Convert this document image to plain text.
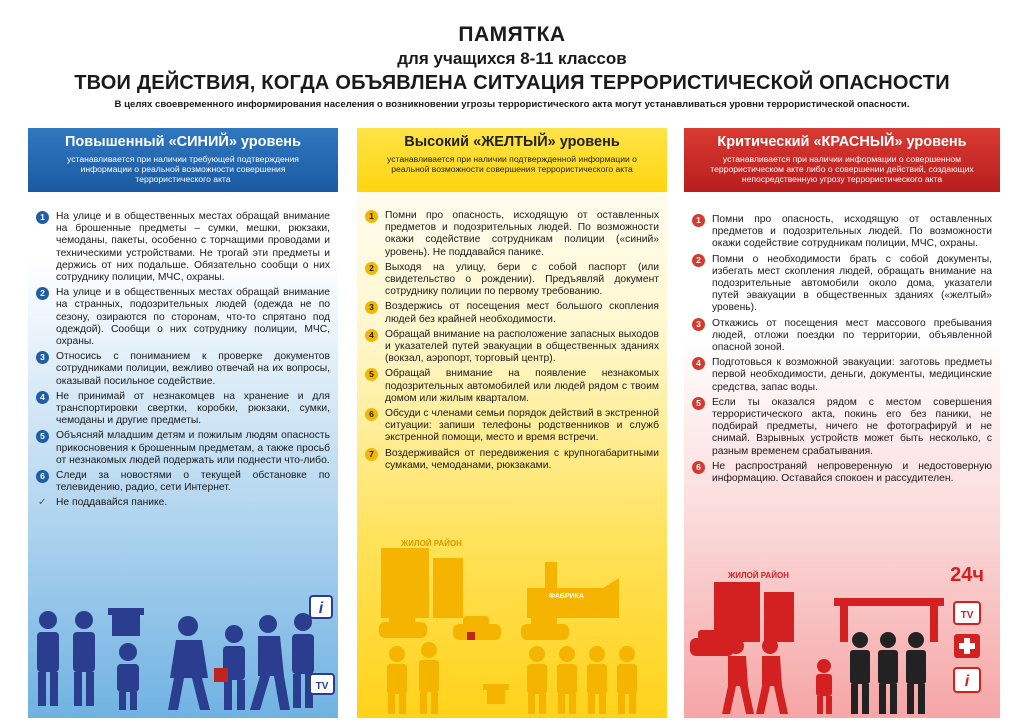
ПАМЯТКА
для учащихся 8-11 классов
ТВОИ ДЕЙСТВИЯ, КОГДА ОБЪЯВЛЕНА СИТУАЦИЯ ТЕРРОРИСТИЧЕСКОЙ ОПАСНОСТИ
В целях своевременного информирования населения о возникновении угрозы террористического акта могут устанавливаться уровни террористической опасности.
Повышенный «СИНИЙ» уровень
устанавливается при наличии требующей подтверждения информации о реальной возможности совершения террористического акта
1	На улице и в общественных местах обращай внимание на брошенные предметы – сумки, мешки, рюкзаки, чемоданы, пакеты, особенно с торчащими проводами и техническими устройствами. Не трогай эти предметы и держись от них подальше. Обязательно сообщи о них сотруднику полиции, МЧС, охраны.
2	На улице и в общественных местах обращай внимание на странных, подозрительных людей (одежда не по сезону, озираются по сторонам, что-то спрятано под одеждой). Сообщи о них сотруднику полиции, МЧС, охраны.
3	Относись с пониманием к проверке документов сотрудниками полиции, вежливо отвечай на их вопросы, оказывай посильное содействие.
4	Не принимай от незнакомцев на хранение и для транспортировки свертки, коробки, рюкзаки, сумки, чемоданы и другие предметы.
5	Объясняй младшим детям и пожилым людям опасность прикосновения к брошенным предметам, а также просьб от незнакомых людей подержать или поднести что-либо.
6	Следи за новостями о текущей обстановке по телевидению, радио, сети Интернет.
✓ Не поддавайся панике.
i
TV
Высокий «ЖЕЛТЫЙ» уровень
устанавливается при наличии подтвержденной информации о реальной возможности совершения террористического акта
1	Помни про опасность, исходящую от оставленных предметов и подозрительных людей. По возможности окажи содействие сотрудникам полиции («синий» уровень). Не поддавайся панике.
2	Выходя на улицу, бери с собой паспорт (или свидетельство о рождении). Предъявляй документ сотруднику полиции по первому требованию.
3	Воздержись от посещения мест большого скопления людей без крайней необходимости.
4	Обращай внимание на расположение запасных выходов и указателей путей эвакуации в общественных зданиях (вокзал, аэропорт, торговый центр).
5	Обращай внимание на появление незнакомых подозрительных автомобилей или людей рядом с твоим домом или жилым кварталом.
6	Обсуди с членами семьи порядок действий в экстренной ситуации: запиши телефоны родственников и служб экстренной помощи, место и время встречи.
7	Воздерживайся от передвижения с крупногабаритными сумками, чемоданами, рюкзаками.
ЖИЛОЙ РАЙОН
ФАБРИКА
Критический «КРАСНЫЙ» уровень
устанавливается при наличии информации о совершенном террористическом акте либо о совершении действий, создающих непосредственную угрозу террористического акта
1	Помни про опасность, исходящую от оставленных предметов и подозрительных людей. По возможности окажи содействие сотрудникам полиции, МЧС, охраны.
2	Помни о необходимости брать с собой документы, избегать мест скопления людей, обращать внимание на подозрительные автомобили около дома, указатели путей эвакуации в общественных зданиях («желтый» уровень).
3	Откажись от посещения мест массового пребывания людей, отложи поездки по территории, объявленной опасной зоной.
4	Подготовься к возможной эвакуации: заготовь предметы первой необходимости, деньги, документы, медицинские средства, запас воды.
5	Если ты оказался рядом с местом совершения террористического акта, покинь его без паники, не подбирай предметы, ничего не фотографируй и не снимай. Взрывных устройств может быть несколько, с разным временем срабатывания.
6	Не распространяй непроверенную и недостоверную информацию. Оставайся спокоен и рассудителен.
24ч
ЖИЛОЙ РАЙОН
TV
i
